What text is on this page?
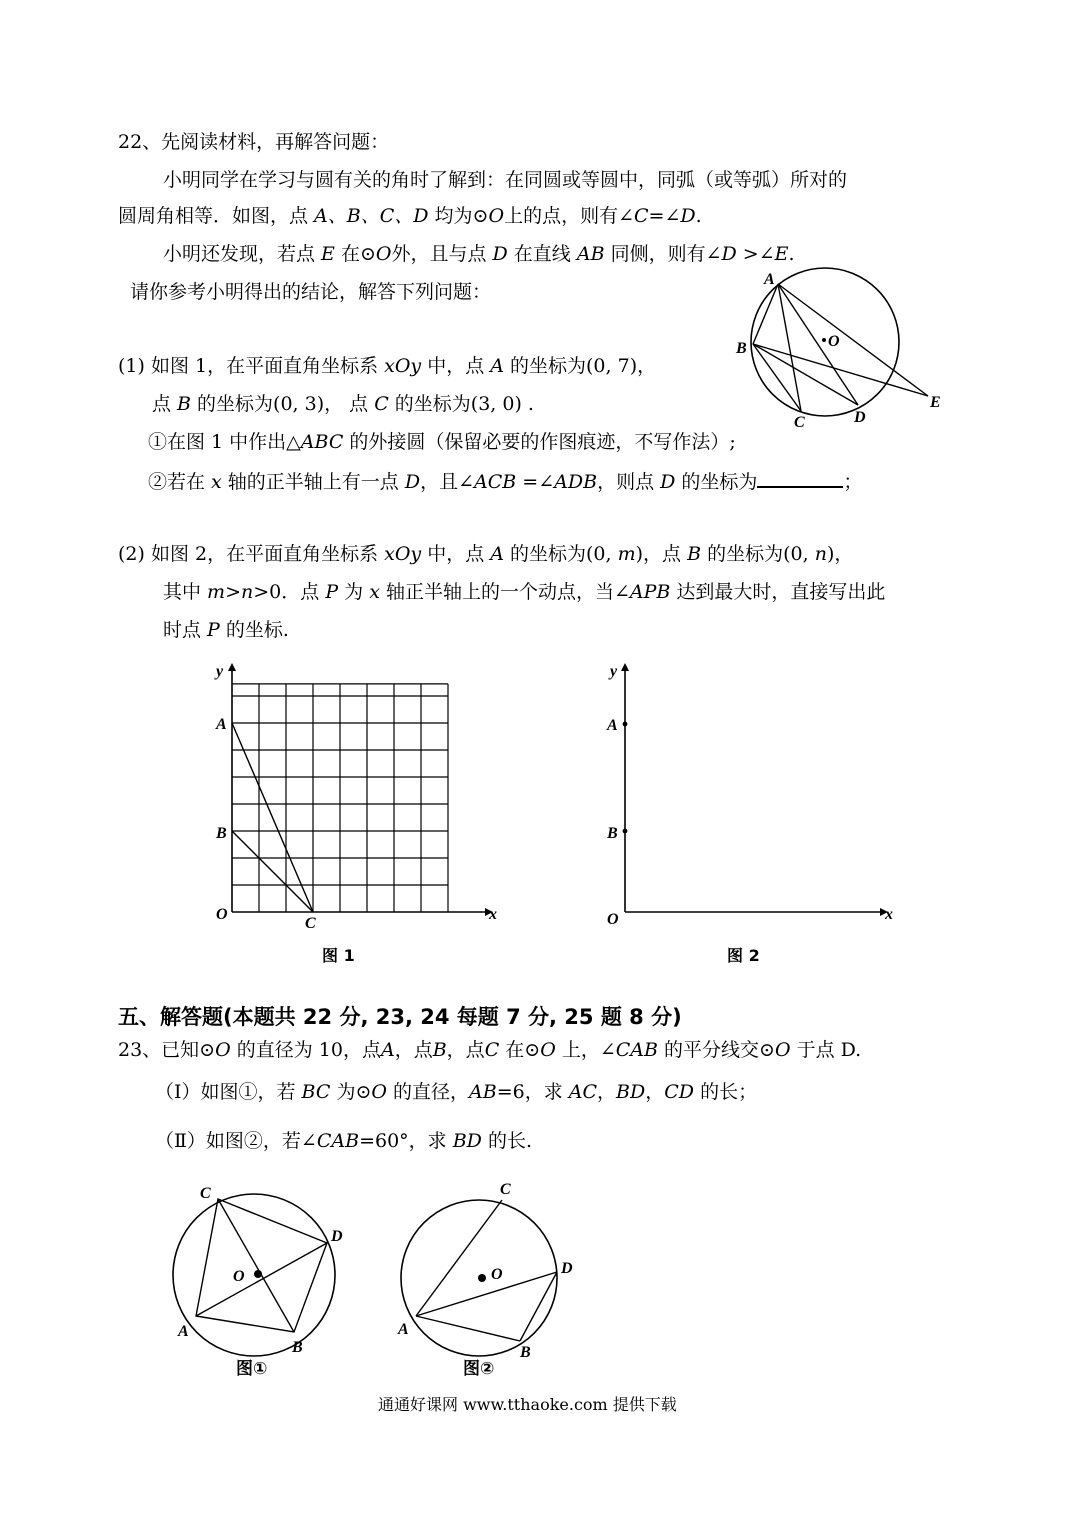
22、先阅读材料，再解答问题：
小明同学在学习与圆有关的角时了解到：在同圆或等圆中，同弧（或等弧）所对的
圆周角相等．如图，点 A、B、C、D 均为⊙O上的点，则有∠C=∠D.
小明还发现，若点 E 在⊙O外，且与点 D 在直线 AB 同侧，则有∠D >∠E.
请你参考小明得出的结论，解答下列问题：
(1) 如图 1，在平面直角坐标系 xOy 中，点 A 的坐标为(0, 7)，
点 B 的坐标为(0, 3)， 点 C 的坐标为(3, 0) .
①在图 1 中作出△ABC 的外接圆（保留必要的作图痕迹，不写作法）;
②若在 x 轴的正半轴上有一点 D，且∠ACB =∠ADB，则点 D 的坐标为	；
(2) 如图 2，在平面直角坐标系 xOy 中，点 A 的坐标为(0, m)，点 B 的坐标为(0, n)，
其中 m>n>0．点 P 为 x 轴正半轴上的一个动点，当∠APB 达到最大时，直接写出此
时点 P 的坐标.
A
B
C	D
E
O
y
x
A
B
O
C
图 1
y
x
A
B
O
图 2
五、解答题(本题共 22 分, 23, 24 每题 7 分, 25 题 8 分)
23、已知⊙O 的直径为 10，点A，点B，点C 在⊙O 上，∠CAB 的平分线交⊙O 于点 D.
（Ⅰ）如图①，若 BC 为⊙O 的直径，AB=6，求 AC，BD，CD 的长；
（Ⅱ）如图②，若∠CAB=60°，求 BD 的长.
C
D
O
A
B
图①
C
O	D
A
B
图②
通通好课网 www.tthaoke.com 提供下载
